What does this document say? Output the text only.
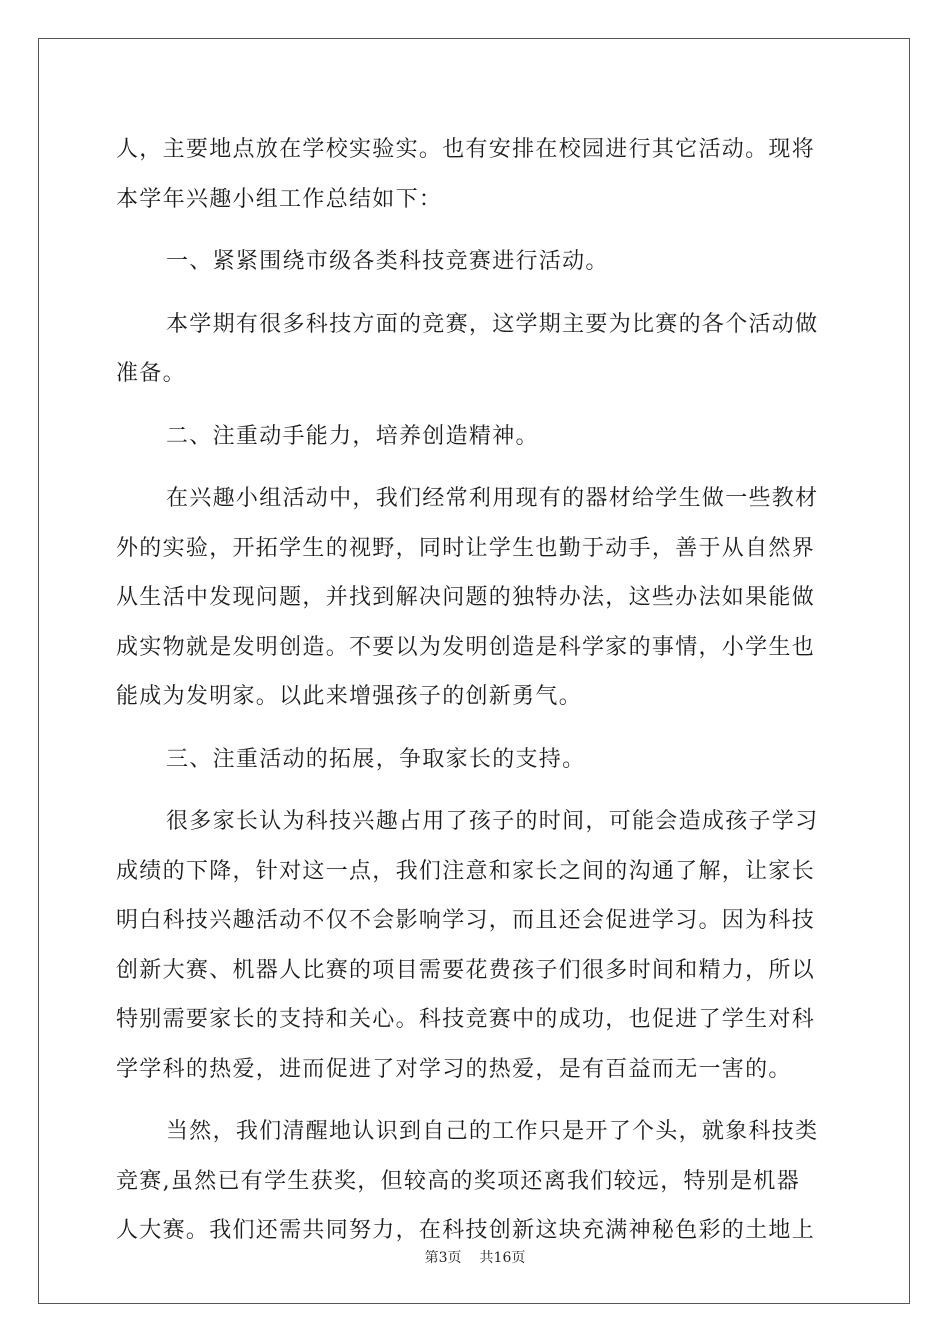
人，主要地点放在学校实验实。也有安排在校园进行其它活动。现将
本学年兴趣小组工作总结如下：
一、紧紧围绕市级各类科技竞赛进行活动。
本学期有很多科技方面的竞赛，这学期主要为比赛的各个活动做
准备。
二、注重动手能力，培养创造精神。
在兴趣小组活动中，我们经常利用现有的器材给学生做一些教材
外的实验，开拓学生的视野，同时让学生也勤于动手，善于从自然界
从生活中发现问题，并找到解决问题的独特办法，这些办法如果能做
成实物就是发明创造。不要以为发明创造是科学家的事情，小学生也
能成为发明家。以此来增强孩子的创新勇气。
三、注重活动的拓展，争取家长的支持。
很多家长认为科技兴趣占用了孩子的时间，可能会造成孩子学习
成绩的下降，针对这一点，我们注意和家长之间的沟通了解，让家长
明白科技兴趣活动不仅不会影响学习，而且还会促进学习。因为科技
创新大赛、机器人比赛的项目需要花费孩子们很多时间和精力，所以
特别需要家长的支持和关心。科技竞赛中的成功，也促进了学生对科
学学科的热爱，进而促进了对学习的热爱，是有百益而无一害的。
当然，我们清醒地认识到自己的工作只是开了个头，就象科技类
竞赛,虽然已有学生获奖，但较高的奖项还离我们较远，特别是机器
人大赛。我们还需共同努力，在科技创新这块充满神秘色彩的土地上
第3页 共16页
